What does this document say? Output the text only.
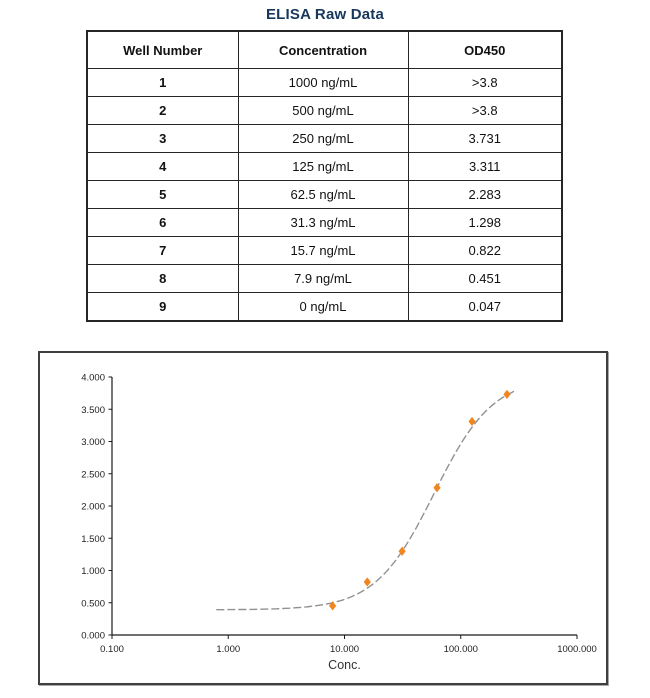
ELISA Raw Data
Well Number	Concentration	OD450
1	1000 ng/mL	>3.8
2	500 ng/mL	>3.8
3	250 ng/mL	3.731
4	125 ng/mL	3.311
5	62.5 ng/mL	2.283
6	31.3 ng/mL	1.298
7	15.7 ng/mL	0.822
8	7.9 ng/mL	0.451
9	0 ng/mL	0.047
0.000
0.500
1.000
1.500
2.000
2.500
3.000
3.500
4.000
0.100	1.000	10.000	100.000	1000.000
Conc.
